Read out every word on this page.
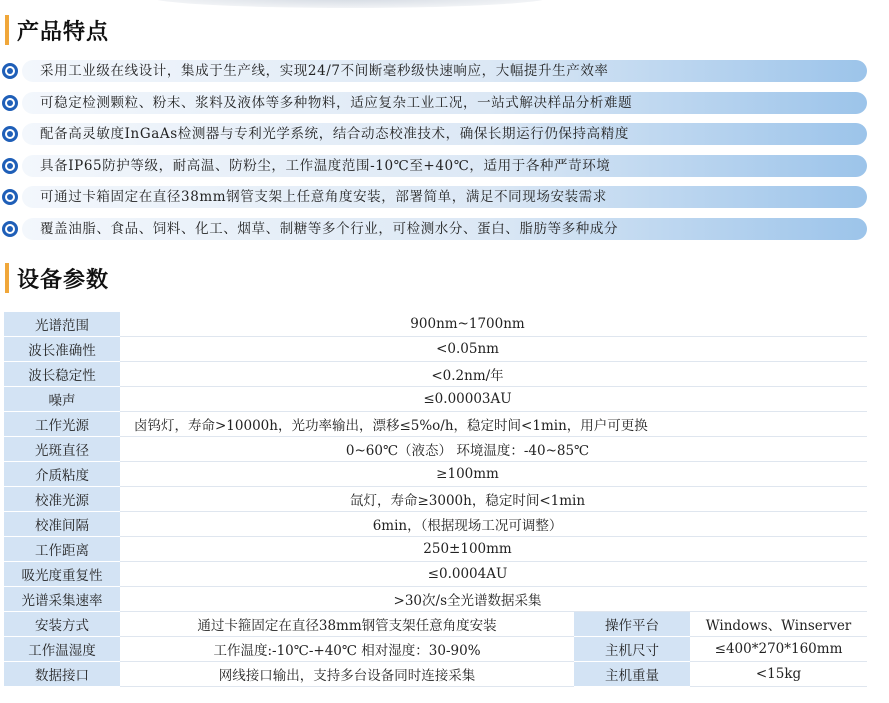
产品特点
采用工业级在线设计，集成于生产线，实现24/7不间断毫秒级快速响应，大幅提升生产效率
可稳定检测颗粒、粉末、浆料及液体等多种物料，适应复杂工业工况，一站式解决样品分析难题
配备高灵敏度InGaAs检测器与专利光学系统，结合动态校准技术，确保长期运行仍保持高精度
具备IP65防护等级，耐高温、防粉尘，工作温度范围-10℃至+40℃，适用于各种严苛环境
可通过卡箱固定在直径38mm钢管支架上任意角度安装，部署简单，满足不同现场安装需求
覆盖油脂、食品、饲料、化工、烟草、制糖等多个行业，可检测水分、蛋白、脂肪等多种成分
设备参数
光谱范围	900nm~1700nm		
波长准确性	<0.05nm		
波长稳定性	<0.2nm/年		
噪声	≤0.00003AU		
工作光源	卤钨灯，寿命>10000h，光功率输出，漂移≤5%o/h，稳定时间<1min，用户可更换		
光斑直径	0~60℃（液态） 环境温度：-40~85℃		
介质粘度	≥100mm		
校准光源	氙灯，寿命≥3000h，稳定时间<1min		
校准间隔	6min，（根据现场工况可调整）		
工作距离	250±100mm		
吸光度重复性	≤0.0004AU		
光谱采集速率	>30次/s全光谱数据采集		
安装方式	通过卡箍固定在直径38mm钢管支架任意角度安装	操作平台	Windows、Winserver
工作温湿度	工作温度:-10℃-+40℃ 相对湿度：30-90%	主机尺寸	≤400*270*160mm
数据接口	网线接口输出，支持多台设备同时连接采集	主机重量	<15kg
